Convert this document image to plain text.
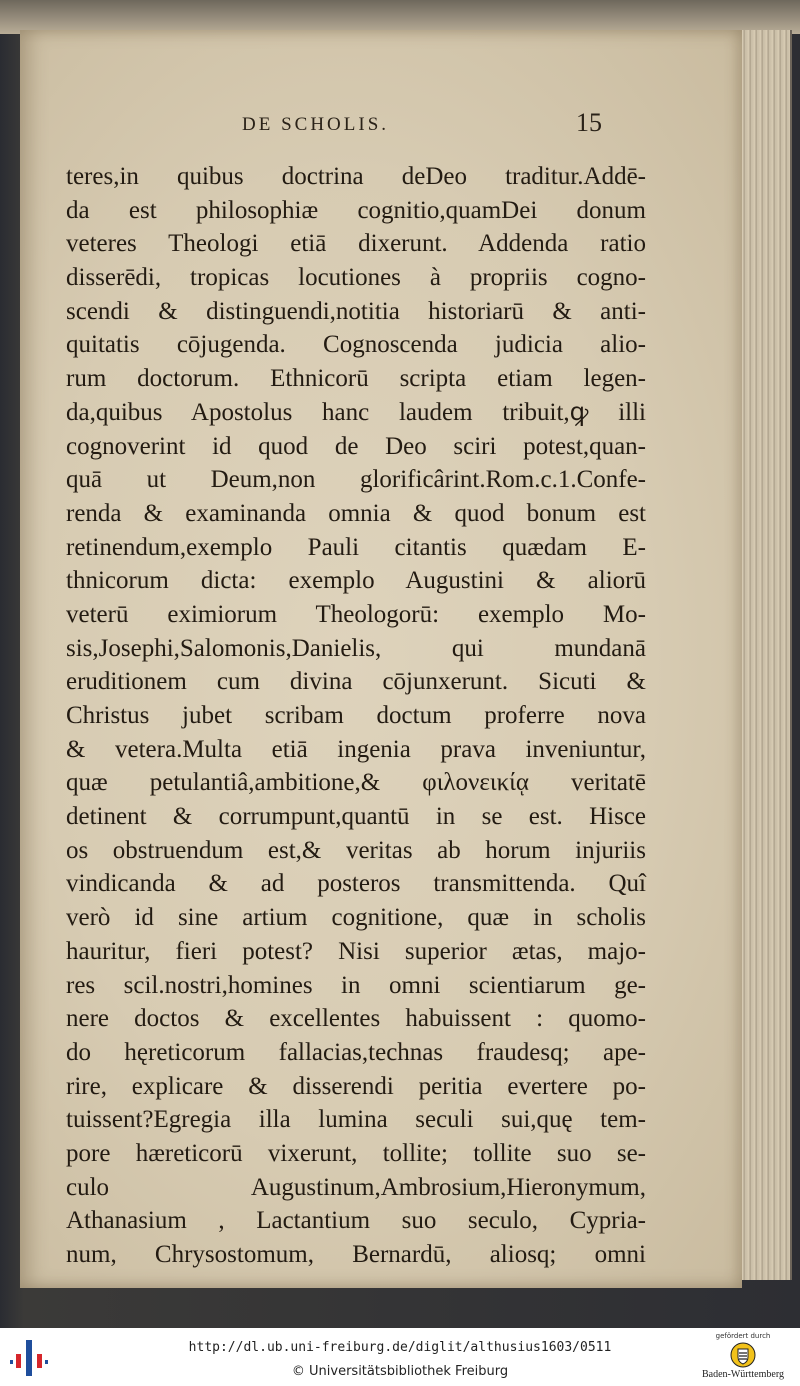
DE SCHOLIS.	15
teres,in quibus doctrina deDeo traditur.Addē-
da est philosophiæ cognitio,quamDei donum
veteres Theologi etiā dixerunt. Addenda ratio
disserēdi, tropicas locutiones à propriis cogno-
scendi & distinguendi,notitia historiarū & anti-
quitatis cōjugenda. Cognoscenda judicia alio-
rum doctorum. Ethnicorū scripta etiam legen-
da,quibus Apostolus hanc laudem tribuit,ꝙ illi
cognoverint id quod de Deo sciri potest,quan-
quā ut Deum,non glorificârint.Rom.c.1.Confe-
renda & examinanda omnia & quod bonum est
retinendum,exemplo Pauli citantis quædam E-
thnicorum dicta: exemplo Augustini & aliorū
veterū eximiorum Theologorū: exemplo Mo-
sis,Josephi,Salomonis,Danielis, qui mundanā
eruditionem cum divina cōjunxerunt. Sicuti &
Christus jubet scribam doctum proferre nova
& vetera.Multa etiā ingenia prava inveniuntur,
quæ petulantiâ,ambitione,& φιλονεικίᾳ veritatē
detinent & corrumpunt,quantū in se est. Hisce
os obstruendum est,& veritas ab horum injuriis
vindicanda & ad posteros transmittenda. Quî
verò id sine artium cognitione, quæ in scholis
hauritur, fieri potest? Nisi superior ætas, majo-
res scil.nostri,homines in omni scientiarum ge-
nere doctos & excellentes habuissent : quomo-
do hęreticorum fallacias,technas fraudesq; ape-
rire, explicare & disserendi peritia evertere po-
tuissent?Egregia illa lumina seculi sui,quę tem-
pore hæreticorū vixerunt, tollite; tollite suo se-
culo Augustinum,Ambrosium,Hieronymum,
Athanasium , Lactantium suo seculo, Cypria-
num, Chrysostomum, Bernardū, aliosq; omni
http://dl.ub.uni-freiburg.de/diglit/althusius1603/0511
© Universitätsbibliothek Freiburg
gefördert durch
Baden-Württemberg
